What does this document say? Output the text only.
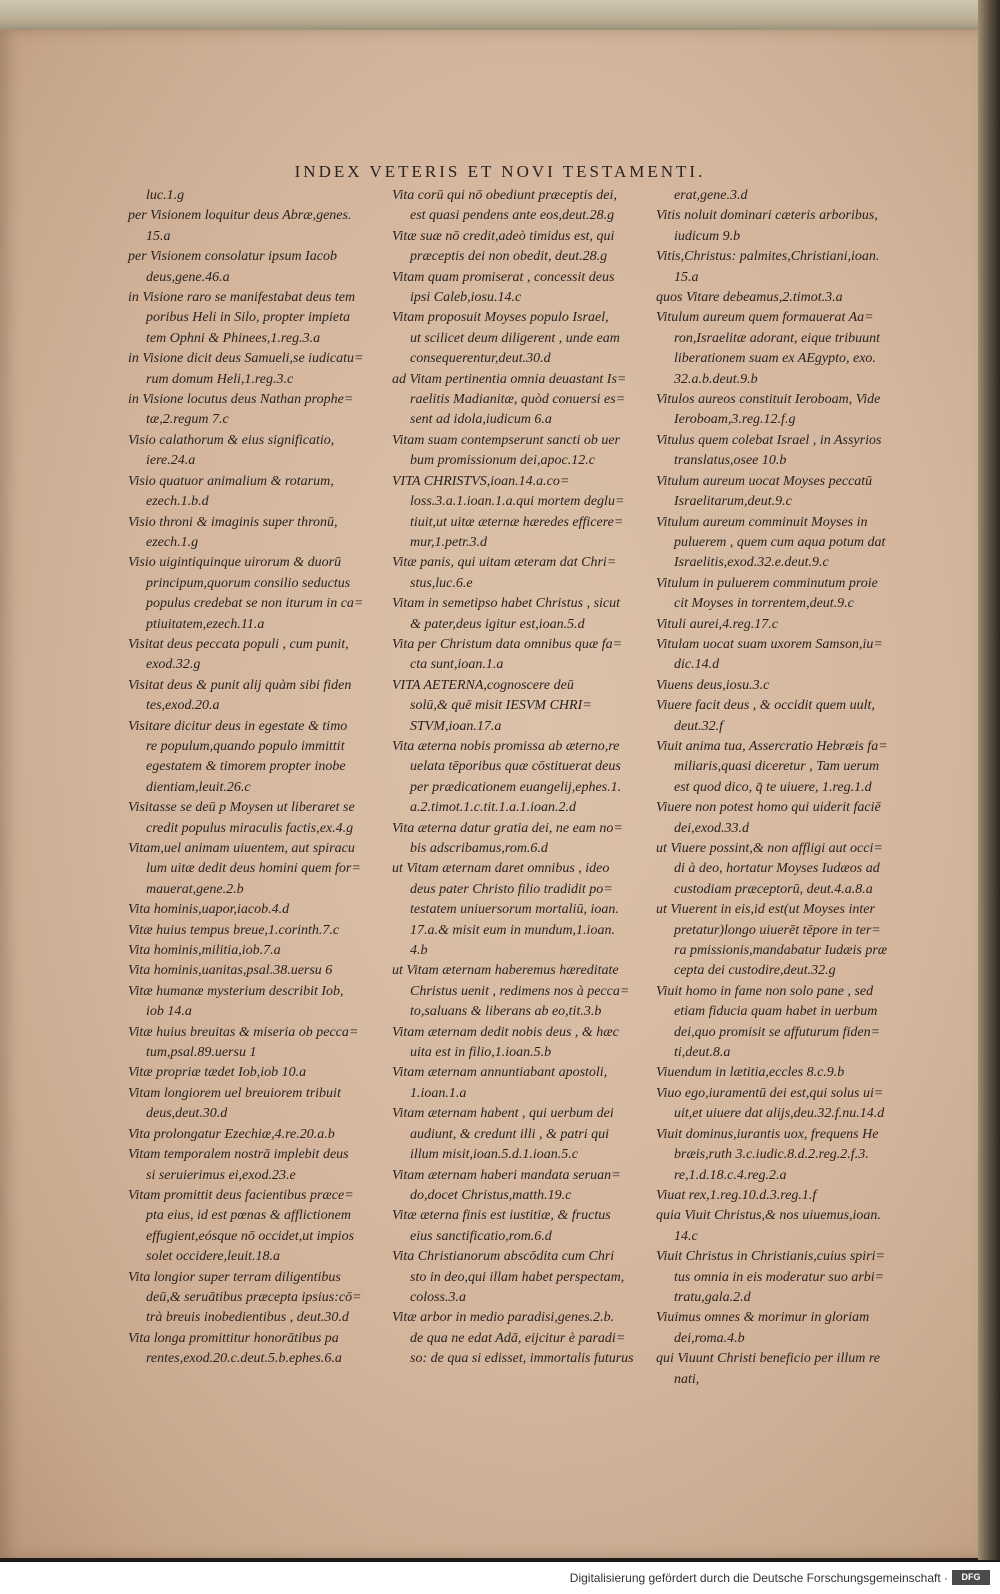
INDEX VETERIS ET NOVI TESTAMENTI.
luc.1.g
per Visionem loquitur deus Abræ,genes.
15.a
per Visionem consolatur ipsum Iacob
deus,gene.46.a
in Visione raro se manifestabat deus tem
poribus Heli in Silo, propter impieta
tem Ophni & Phinees,1.reg.3.a
in Visione dicit deus Samueli,se iudicatu=
rum domum Heli,1.reg.3.c
in Visione locutus deus Nathan prophe=
tæ,2.regum 7.c
Visio calathorum & eius significatio,
iere.24.a
Visio quatuor animalium & rotarum,
ezech.1.b.d
Visio throni & imaginis super thronū,
ezech.1.g
Visio uigintiquinque uirorum & duorū
principum,quorum consilio seductus
populus credebat se non iturum in ca=
ptiuitatem,ezech.11.a
Visitat deus peccata populi , cum punit,
exod.32.g
Visitat deus & punit alij quàm sibi fiden
tes,exod.20.a
Visitare dicitur deus in egestate & timo
re populum,quando populo immittit
egestatem & timorem propter inobe
dientiam,leuit.26.c
Visitasse se deū p Moysen ut liberaret se
credit populus miraculis factis,ex.4.g
Vitam,uel animam uiuentem, aut spiracu
lum uitæ dedit deus homini quem for=
mauerat,gene.2.b
Vita hominis,uapor,iacob.4.d
Vitæ huius tempus breue,1.corinth.7.c
Vita hominis,militia,iob.7.a
Vita hominis,uanitas,psal.38.uersu 6
Vitæ humanæ mysterium describit Iob,
iob 14.a
Vitæ huius breuitas & miseria ob pecca=
tum,psal.89.uersu 1
Vitæ propriæ tædet Iob,iob 10.a
Vitam longiorem uel breuiorem tribuit
deus,deut.30.d
Vita prolongatur Ezechiæ,4.re.20.a.b
Vitam temporalem nostrā implebit deus
si seruierimus ei,exod.23.e
Vitam promittit deus facientibus præce=
pta eius, id est pœnas & afflictionem
effugient,eósque nō occidet,ut impios
solet occidere,leuit.18.a
Vita longior super terram diligentibus
deū,& seruātibus præcepta ipsius:cō=
trà breuis inobedientibus , deut.30.d
Vita longa promittitur honorātibus pa
rentes,exod.20.c.deut.5.b.ephes.6.a
Vita corū qui nō obediunt præceptis dei,
est quasi pendens ante eos,deut.28.g
Vitæ suæ nō credit,adeò timidus est, qui
præceptis dei non obedit, deut.28.g
Vitam quam promiserat , concessit deus
ipsi Caleb,iosu.14.c
Vitam proposuit Moyses populo Israel,
ut scilicet deum diligerent , unde eam
consequerentur,deut.30.d
ad Vitam pertinentia omnia deuastant Is=
raelitis Madianitæ, quòd conuersi es=
sent ad idola,iudicum 6.a
Vitam suam contempserunt sancti ob uer
bum promissionum dei,apoc.12.c
VITA CHRISTVS,ioan.14.a.co=
loss.3.a.1.ioan.1.a.qui mortem deglu=
tiuit,ut uitæ æternæ hæredes efficere=
mur,1.petr.3.d
Vitæ panis, qui uitam æteram dat Chri=
stus,luc.6.e
Vitam in semetipso habet Christus , sicut
& pater,deus igitur est,ioan.5.d
Vita per Christum data omnibus quæ fa=
cta sunt,ioan.1.a
VITA AETERNA,cognoscere deū
solū,& quē misit IESVM CHRI=
STVM,ioan.17.a
Vita æterna nobis promissa ab æterno,re
uelata tēporibus quæ cōstituerat deus
per prædicationem euangelij,ephes.1.
a.2.timot.1.c.tit.1.a.1.ioan.2.d
Vita æterna datur gratia dei, ne eam no=
bis adscribamus,rom.6.d
ut Vitam æternam daret omnibus , ideo
deus pater Christo filio tradidit po=
testatem uniuersorum mortaliū, ioan.
17.a.& misit eum in mundum,1.ioan.
4.b
ut Vitam æternam haberemus hæreditate
Christus uenit , redimens nos à pecca=
to,saluans & liberans ab eo,tit.3.b
Vitam æternam dedit nobis deus , & hæc
uita est in filio,1.ioan.5.b
Vitam æternam annuntiabant apostoli,
1.ioan.1.a
Vitam æternam habent , qui uerbum dei
audiunt, & credunt illi , & patri qui
illum misit,ioan.5.d.1.ioan.5.c
Vitam æternam haberi mandata seruan=
do,docet Christus,matth.19.c
Vitæ æterna finis est iustitiæ, & fructus
eius sanctificatio,rom.6.d
Vita Christianorum abscōdita cum Chri
sto in deo,qui illam habet perspectam,
coloss.3.a
Vitæ arbor in medio paradisi,genes.2.b.
de qua ne edat Adā, eijcitur è paradi=
so: de qua si edisset, immortalis futurus
erat,gene.3.d
Vitis noluit dominari cæteris arboribus,
iudicum 9.b
Vitis,Christus: palmites,Christiani,ioan.
15.a
quos Vitare debeamus,2.timot.3.a
Vitulum aureum quem formauerat Aa=
ron,Israelitæ adorant, eique tribuunt
liberationem suam ex AEgypto, exo.
32.a.b.deut.9.b
Vitulos aureos constituit Ieroboam, Vide
Ieroboam,3.reg.12.f.g
Vitulus quem colebat Israel , in Assyrios
translatus,osee 10.b
Vitulum aureum uocat Moyses peccatū
Israelitarum,deut.9.c
Vitulum aureum comminuit Moyses in
puluerem , quem cum aqua potum dat
Israelitis,exod.32.e.deut.9.c
Vitulum in puluerem comminutum proie
cit Moyses in torrentem,deut.9.c
Vituli aurei,4.reg.17.c
Vitulam uocat suam uxorem Samson,iu=
dic.14.d
Viuens deus,iosu.3.c
Viuere facit deus , & occidit quem uult,
deut.32.f
Viuit anima tua, Assercratio Hebræis fa=
miliaris,quasi diceretur , Tam uerum
est quod dico, q̄ te uiuere, 1.reg.1.d
Viuere non potest homo qui uiderit faciē
dei,exod.33.d
ut Viuere possint,& non affligi aut occi=
di à deo, hortatur Moyses Iudæos ad
custodiam præceptorū, deut.4.a.8.a
ut Viuerent in eis,id est(ut Moyses inter
pretatur)longo uiuerēt tēpore in ter=
ra pmissionis,mandabatur Iudæis præ
cepta dei custodire,deut.32.g
Viuit homo in fame non solo pane , sed
etiam fiducia quam habet in uerbum
dei,quo promisit se affuturum fiden=
ti,deut.8.a
Viuendum in lætitia,eccles 8.c.9.b
Viuo ego,iuramentū dei est,qui solus ui=
uit,et uiuere dat alijs,deu.32.f.nu.14.d
Viuit dominus,iurantis uox, frequens He
bræis,ruth 3.c.iudic.8.d.2.reg.2.f.3.
re,1.d.18.c.4.reg.2.a
Viuat rex,1.reg.10.d.3.reg.1.f
quia Viuit Christus,& nos uiuemus,ioan.
14.c
Viuit Christus in Christianis,cuius spiri=
tus omnia in eis moderatur suo arbi=
tratu,gala.2.d
Viuimus omnes & morimur in gloriam
dei,roma.4.b
qui Viuunt Christi beneficio per illum re
nati,
Digitalisierung gefördert durch die Deutsche Forschungsgemeinschaft ·	DFG
